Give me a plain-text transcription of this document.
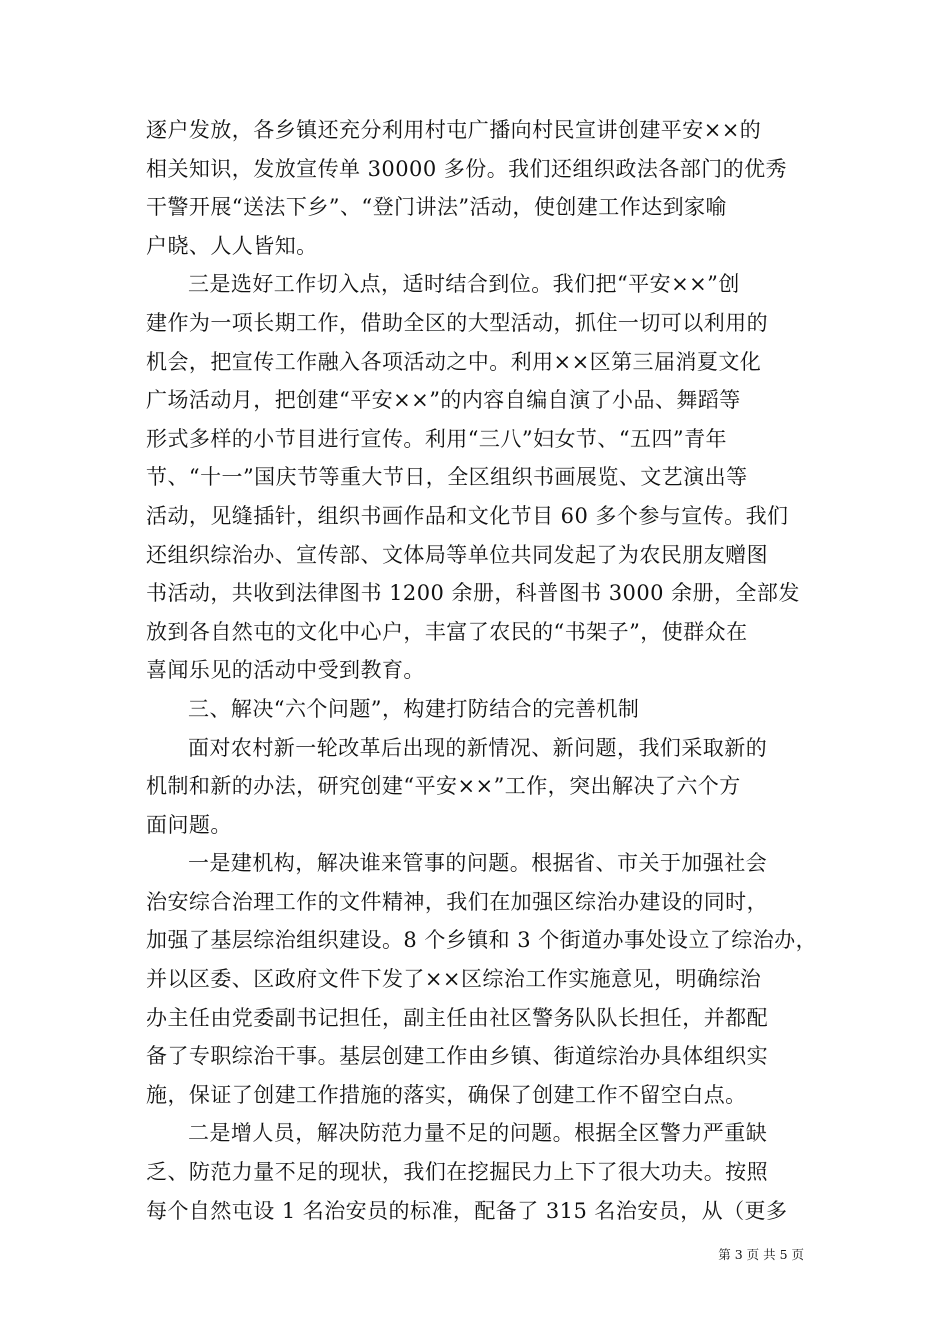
逐户发放，各乡镇还充分利用村屯广播向村民宣讲创建平安××的
相关知识，发放宣传单 30000 多份。我们还组织政法各部门的优秀
干警开展“送法下乡”、“登门讲法”活动，使创建工作达到家喻
户晓、人人皆知。
三是选好工作切入点，适时结合到位。我们把“平安××”创
建作为一项长期工作，借助全区的大型活动，抓住一切可以利用的
机会，把宣传工作融入各项活动之中。利用××区第三届消夏文化
广场活动月，把创建“平安××”的内容自编自演了小品、舞蹈等
形式多样的小节目进行宣传。利用“三八”妇女节、“五四”青年
节、“十一”国庆节等重大节日，全区组织书画展览、文艺演出等
活动，见缝插针，组织书画作品和文化节目 60 多个参与宣传。我们
还组织综治办、宣传部、文体局等单位共同发起了为农民朋友赠图
书活动，共收到法律图书 1200 余册，科普图书 3000 余册，全部发
放到各自然屯的文化中心户，丰富了农民的“书架子”，使群众在
喜闻乐见的活动中受到教育。
三、解决“六个问题”，构建打防结合的完善机制
面对农村新一轮改革后出现的新情况、新问题，我们采取新的
机制和新的办法，研究创建“平安××”工作，突出解决了六个方
面问题。
一是建机构，解决谁来管事的问题。根据省、市关于加强社会
治安综合治理工作的文件精神，我们在加强区综治办建设的同时，
加强了基层综治组织建设。8 个乡镇和 3 个街道办事处设立了综治办，
并以区委、区政府文件下发了××区综治工作实施意见，明确综治
办主任由党委副书记担任，副主任由社区警务队队长担任，并都配
备了专职综治干事。基层创建工作由乡镇、街道综治办具体组织实
施，保证了创建工作措施的落实，确保了创建工作不留空白点。
二是增人员，解决防范力量不足的问题。根据全区警力严重缺
乏、防范力量不足的现状，我们在挖掘民力上下了很大功夫。按照
每个自然屯设 1 名治安员的标准，配备了 315 名治安员，从（更多
第 3 页 共 5 页
